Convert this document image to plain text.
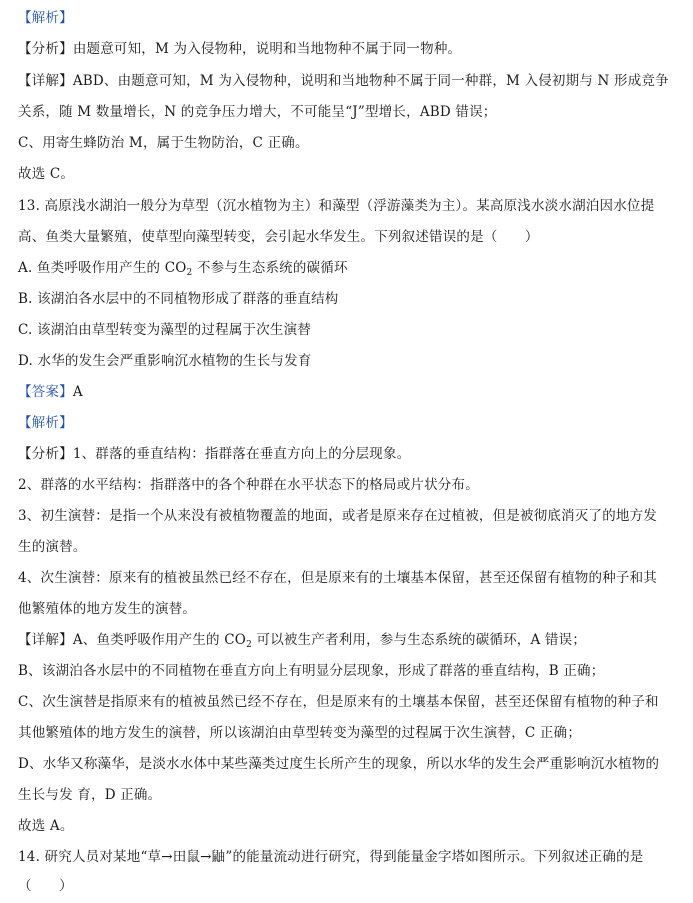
【解析】
【分析】由题意可知，M 为入侵物种，说明和当地物种不属于同一物种。
【详解】ABD、由题意可知，M 为入侵物种，说明和当地物种不属于同一种群，M 入侵初期与 N 形成竞争
关系，随 M 数量增长，N 的竞争压力增大，不可能呈“J”型增长，ABD 错误；
C、用寄生蜂防治 M，属于生物防治，C 正确。
故选 C。
13. 高原浅水湖泊一般分为草型（沉水植物为主）和藻型（浮游藻类为主）。某高原浅水淡水湖泊因水位提
高、鱼类大量繁殖，使草型向藻型转变，会引起水华发生。下列叙述错误的是（　　）
A. 鱼类呼吸作用产生的 $CO_2$ 不参与生态系统的碳循环
B. 该湖泊各水层中的不同植物形成了群落的垂直结构
C. 该湖泊由草型转变为藻型的过程属于次生演替
D. 水华的发生会严重影响沉水植物的生长与发育
【答案】A
【解析】
【分析】1、群落的垂直结构：指群落在垂直方向上的分层现象。
2、群落的水平结构：指群落中的各个种群在水平状态下的格局或片状分布。
3、初生演替：是指一个从来没有被植物覆盖的地面，或者是原来存在过植被，但是被彻底消灭了的地方发
生的演替。
4、次生演替：原来有的植被虽然已经不存在，但是原来有的土壤基本保留，甚至还保留有植物的种子和其
他繁殖体的地方发生的演替。
【详解】A、鱼类呼吸作用产生的 $CO_2$ 可以被生产者利用，参与生态系统的碳循环，A 错误；
B、该湖泊各水层中的不同植物在垂直方向上有明显分层现象，形成了群落的垂直结构，B 正确；
C、次生演替是指原来有的植被虽然已经不存在，但是原来有的土壤基本保留，甚至还保留有植物的种子和
其他繁殖体的地方发生的演替，所以该湖泊由草型转变为藻型的过程属于次生演替，C 正确；
D、水华又称藻华，是淡水水体中某些藻类过度生长所产生的现象，所以水华的发生会严重影响沉水植物的
生长与发 育，D 正确。
故选 A。
14. 研究人员对某地“草→田鼠→鼬”的能量流动进行研究，得到能量金字塔如图所示。下列叙述正确的是
（　　）
